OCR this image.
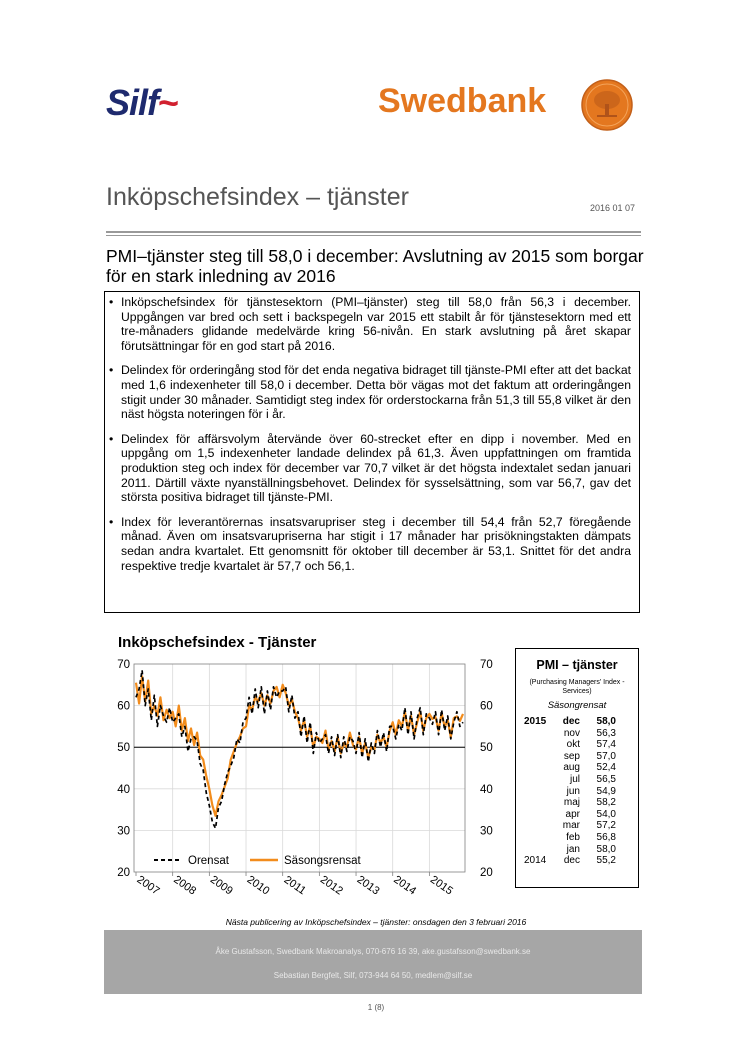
Silf~	Swedbank
Inköpschefsindex – tjänster	2016 01 07
PMI–tjänster steg till 58,0 i december: Avslutning av 2015 som borgar för en stark inledning av 2016
• Inköpschefsindex för tjänstesektorn (PMI–tjänster) steg till 58,0 från 56,3 i december. Uppgången var bred och sett i backspegeln var 2015 ett stabilt år för tjänstesektorn med ett tre-månaders glidande medelvärde kring 56-nivån. En stark avslutning på året skapar förutsättningar för en god start på 2016.
• Delindex för orderingång stod för det enda negativa bidraget till tjänste-PMI efter att det backat med 1,6 indexenheter till 58,0 i december. Detta bör vägas mot det faktum att orderingången stigit under 30 månader. Samtidigt steg index för orderstockarna från 51,3 till 55,8 vilket är den näst högsta noteringen för i år.
• Delindex för affärsvolym återvände över 60-strecket efter en dipp i november. Med en uppgång om 1,5 indexenheter landade delindex på 61,3. Även uppfattningen om framtida produktion steg och index för december var 70,7 vilket är det högsta indextalet sedan januari 2011. Därtill växte nyanställningsbehovet. Delindex för sysselsättning, som var 56,7, gav det största positiva bidraget till tjänste-PMI.
• Index för leverantörernas insatsvarupriser steg i december till 54,4 från 52,7 föregående månad. Även om insatsvarupriserna har stigit i 17 månader har prisökningstakten dämpats sedan andra kvartalet. Ett genomsnitt för oktober till december är 53,1. Snittet för det andra respektive tredje kvartalet är 57,7 och 56,1.
Inköpschefsindex - Tjänster
20	20
30	30
40	40
50	50
60	60
70	70
2007 2008 2009 2010 2011 2012 2013 2014 2015
Orensat	Säsongsrensat
PMI – tjänster
(Purchasing Managers' Index - Services)
Säsongrensat
2015	dec	58,0
nov	56,3
okt	57,4
sep	57,0
aug	52,4
jul	56,5
jun	54,9
maj	58,2
apr	54,0
mar	57,2
feb	56,8
jan	58,0
2014	dec	55,2
Nästa publicering av Inköpschefsindex – tjänster: onsdagen den 3 februari 2016
Åke Gustafsson, Swedbank Makroanalys, 070-676 16 39, ake.gustafsson@swedbank.se
Sebastian Bergfelt, Silf, 073-944 64 50, medlem@silf.se
1 (8)
